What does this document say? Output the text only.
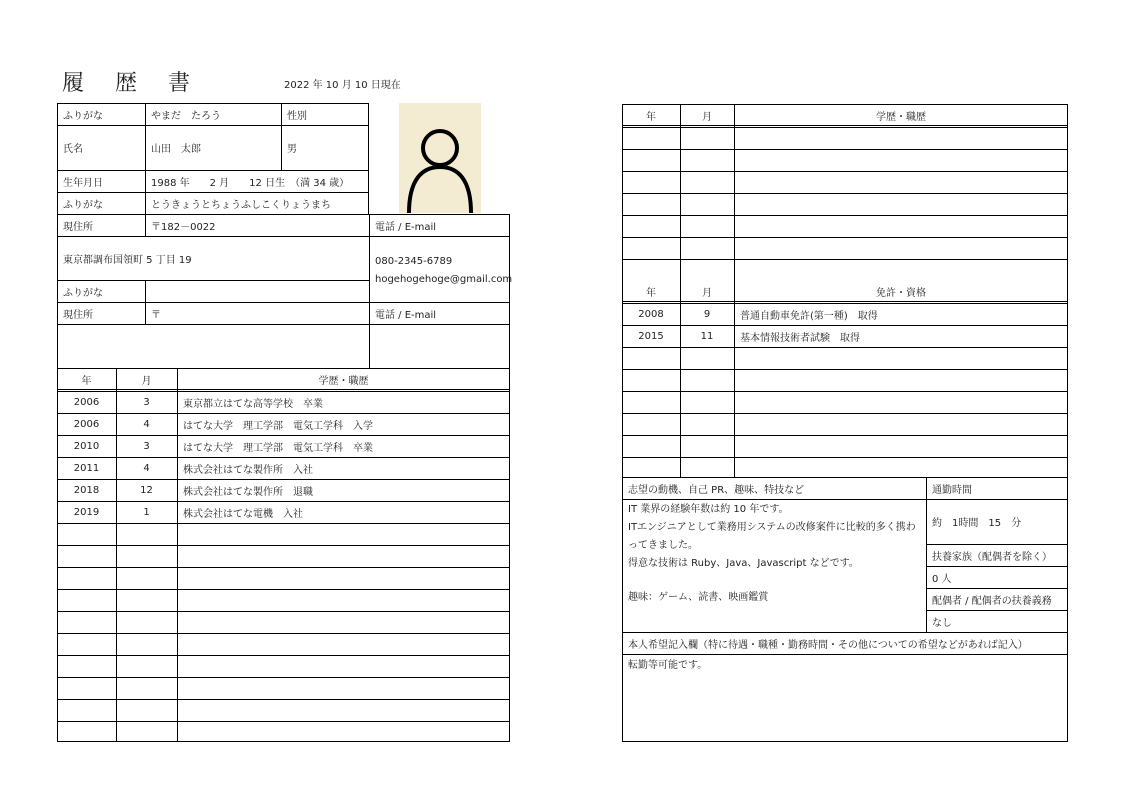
履 歴 書	2022 年 10 月 10 日現在
ふりがな	やまだ　たろう	性別
氏名	山田　太郎	男
生年月日	1988 年　　2 月　　12 日生　（満 34 歳）
ふりがな	とうきょうとちょうふしこくりょうまち
現住所	〒182－0022	電話 / E-mail
東京都調布国領町 5 丁目 19	080-2345-6789
hogehogehoge@gmail.com
ふりがな
現住所	〒	電話 / E-mail
年	月	学歴・職歴
2006	3	東京都立はてな高等学校　卒業
2006	4	はてな大学　理工学部　電気工学科　入学
2010	3	はてな大学　理工学部　電気工学科　卒業
2011	4	株式会社はてな製作所　入社
2018	12	株式会社はてな製作所　退職
2019	1	株式会社はてな電機　入社
年	月	学歴・職歴
年	月	免許・資格
2008	9	普通自動車免許(第一種)　取得
2015	11	基本情報技術者試験　取得
志望の動機、自己 PR、趣味、特技など
IT 業界の経験年数は約 10 年です。
ITエンジニアとして業務用システムの改修案件に比較的多く携わ
ってきました。
得意な技術は Ruby、Java、Javascript などです。
趣味：ゲーム、読書、映画鑑賞
通勤時間
約　1時間　15　分
扶養家族（配偶者を除く）
0 人
配偶者 / 配偶者の扶養義務
なし
本人希望記入欄（特に待遇・職種・勤務時間・その他についての希望などがあれば記入）
転勤等可能です。
